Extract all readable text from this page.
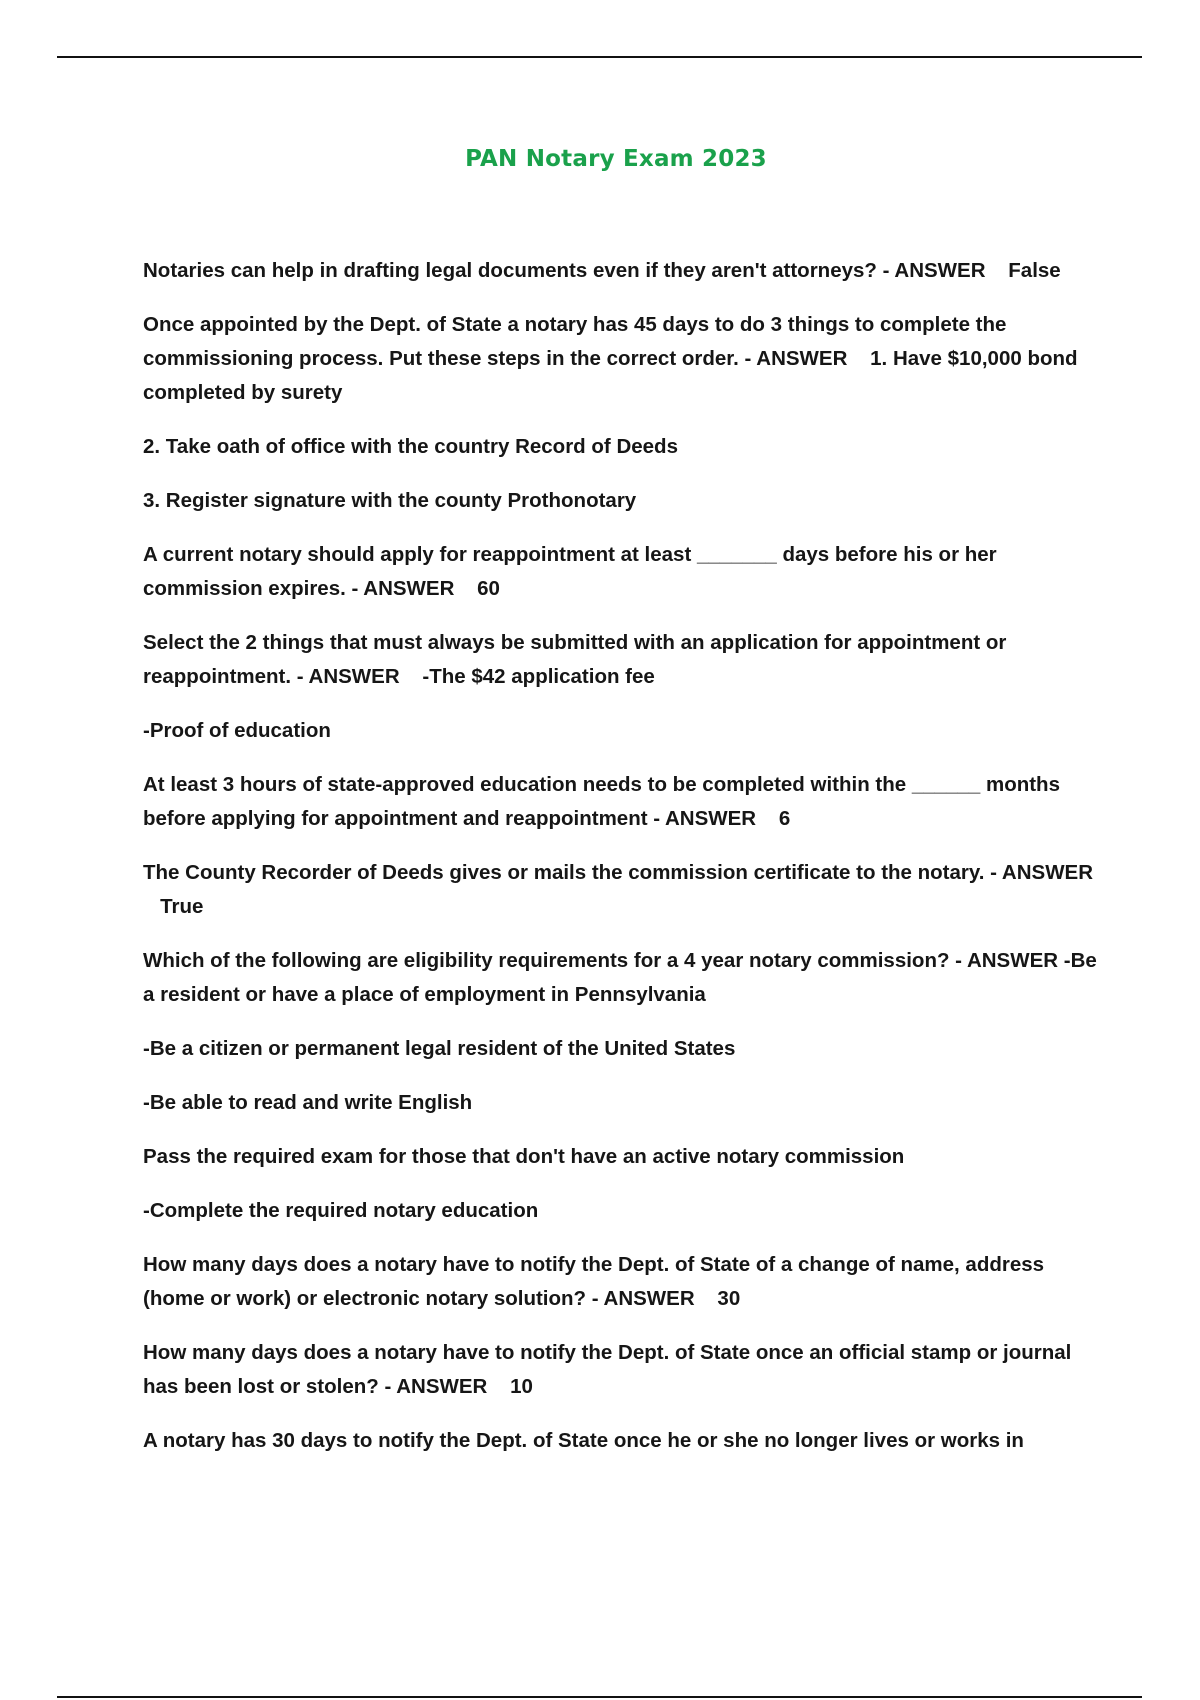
PAN Notary Exam 2023

Notaries can help in drafting legal documents even if they aren't attorneys? - ANSWER    False

Once appointed by the Dept. of State a notary has 45 days to do 3 things to complete the commissioning process. Put these steps in the correct order. - ANSWER    1. Have $10,000 bond completed by surety

2. Take oath of office with the country Record of Deeds

3. Register signature with the county Prothonotary

A current notary should apply for reappointment at least _______ days before his or her commission expires. - ANSWER    60

Select the 2 things that must always be submitted with an application for appointment or reappointment. - ANSWER    -The $42 application fee

-Proof of education

At least 3 hours of state-approved education needs to be completed within the ______ months before applying for appointment and reappointment - ANSWER    6

The County Recorder of Deeds gives or mails the commission certificate to the notary. - ANSWER    True

Which of the following are eligibility requirements for a 4 year notary commission? - ANSWER -Be a resident or have a place of employment in Pennsylvania

-Be a citizen or permanent legal resident of the United States

-Be able to read and write English

Pass the required exam for those that don't have an active notary commission

-Complete the required notary education

How many days does a notary have to notify the Dept. of State of a change of name, address (home or work) or electronic notary solution? - ANSWER    30

How many days does a notary have to notify the Dept. of State once an official stamp or journal has been lost or stolen? - ANSWER    10

A notary has 30 days to notify the Dept. of State once he or she no longer lives or works in
